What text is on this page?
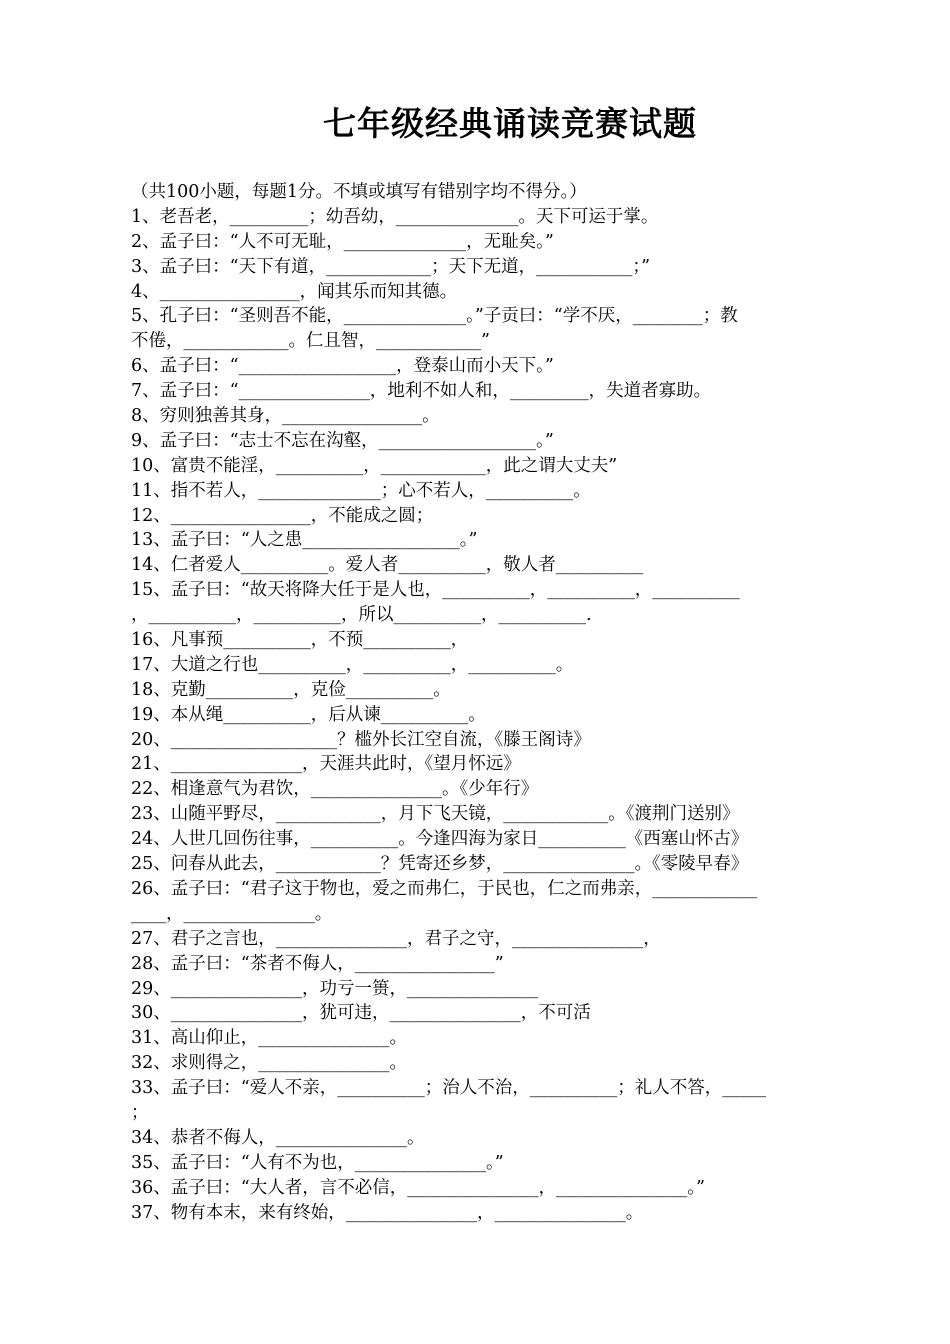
七年级经典诵读竞赛试题
（共100小题，每题1分。不填或填写有错别字均不得分。）
1、老吾老，_________；幼吾幼，______________。天下可运于掌。
2、孟子曰：“人不可无耻，______________，无耻矣。”
3、孟子曰：“天下有道，____________；天下无道，___________；”
4、________________，闻其乐而知其德。
5、孔子曰：“圣则吾不能，______________。”子贡曰：“学不厌，________；教
不倦，____________。仁且智，____________”
6、孟子曰：“__________________，登泰山而小天下。”
7、孟子曰：“_______________，地利不如人和，_________，失道者寡助。
8、穷则独善其身，________________。
9、孟子曰：“志士不忘在沟壑，__________________。”
10、富贵不能淫，__________，____________，此之谓大丈夫”
11、指不若人，______________；心不若人，__________。
12、________________，不能成之圆；
13、孟子曰：“人之患__________________。”
14、仁者爱人__________。爱人者__________，敬人者__________
15、孟子曰：“故天将降大任于是人也，__________，__________，__________
，__________，__________，所以__________，__________.
16、凡事预__________，不预__________，
17、大道之行也__________，__________，__________。
18、克勤__________，克俭__________。
19、本从绳__________，后从谏__________。
20、___________________？槛外长江空自流，《滕王阁诗》
21、_______________，天涯共此时，《望月怀远》
22、相逢意气为君饮，_______________。《少年行》
23、山随平野尽，____________，月下飞天镜，____________。《渡荆门送别》
24、人世几回伤往事，__________。今逢四海为家日__________《西塞山怀古》
25、问春从此去，____________？凭寄还乡梦，_______________。《零陵早春》
26、孟子曰：“君子这于物也，爱之而弗仁，于民也，仁之而弗亲，____________
____，_______________。
27、君子之言也，_______________，君子之守，_______________，
28、孟子曰：“茶者不侮人，________________”
29、_______________，功亏一篑，_______________
30、_______________，犹可违，_______________，不可活
31、高山仰止，_______________。
32、求则得之，_______________。
33、孟子曰：“爱人不亲，__________；治人不治，__________；礼人不答，_____
；
34、恭者不侮人，_______________。
35、孟子曰：“人有不为也，_______________。”
36、孟子曰：“大人者，言不必信，_______________，_______________。”
37、物有本末，来有终始，_______________，_______________。
